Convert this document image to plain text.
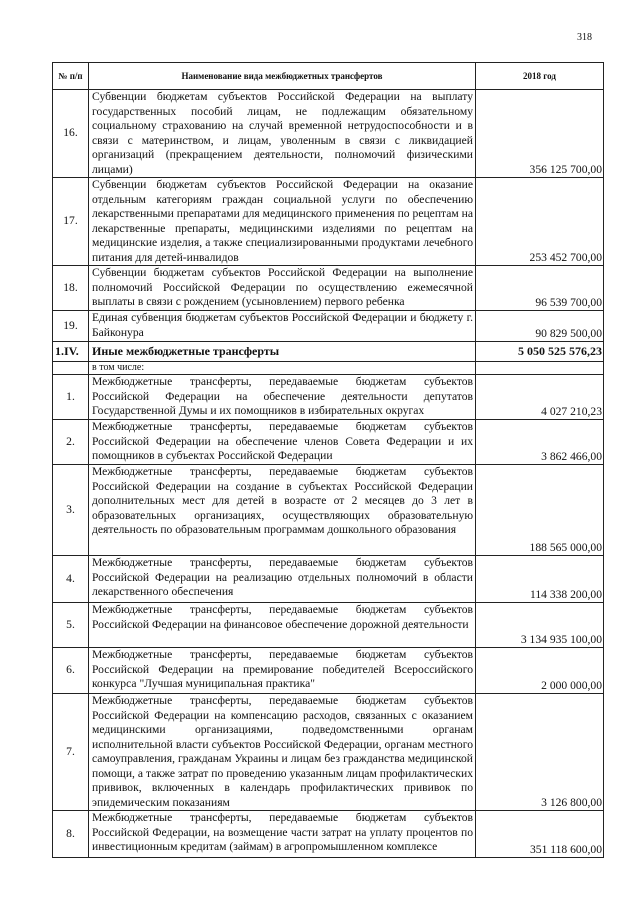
318
№ п/п	Наименование вида межбюджетных трансфертов	2018 год
16.	Субвенции бюджетам субъектов Российской Федерации на выплату государственных пособий лицам, не подлежащим обязательному социальному страхованию на случай временной нетрудоспособности и в связи с материнством, и лицам, уволенным в связи с ликвидацией организаций (прекращением деятельности, полномочий физическими лицами)	356 125 700,00
17.	Субвенции бюджетам субъектов Российской Федерации на оказание отдельным категориям граждан социальной услуги по обеспечению лекарственными препаратами для медицинского применения по рецептам на лекарственные препараты, медицинскими изделиями по рецептам на медицинские изделия, а также специализированными продуктами лечебного питания для детей-инвалидов	253 452 700,00
18.	Субвенции бюджетам субъектов Российской Федерации на выполнение полномочий Российской Федерации по осуществлению ежемесячной выплаты в связи с рождением (усыновлением) первого ребенка	96 539 700,00
19.	Единая субвенция бюджетам субъектов Российской Федерации и бюджету г. Байконура	90 829 500,00
1.IV.	Иные межбюджетные трансферты	5 050 525 576,23
	в том числе:	
1.	Межбюджетные трансферты, передаваемые бюджетам субъектов Российской Федерации на обеспечение деятельности депутатов Государственной Думы и их помощников в избирательных округах	4 027 210,23
2.	Межбюджетные трансферты, передаваемые бюджетам субъектов Российской Федерации на обеспечение членов Совета Федерации и их помощников в субъектах Российской Федерации	3 862 466,00
3.	Межбюджетные трансферты, передаваемые бюджетам субъектов Российской Федерации на создание в субъектах Российской Федерации дополнительных мест для детей в возрасте от 2 месяцев до 3 лет в образовательных организациях, осуществляющих образовательную деятельность по образовательным программам дошкольного образования	188 565 000,00
4.	Межбюджетные трансферты, передаваемые бюджетам субъектов Российской Федерации на реализацию отдельных полномочий в области лекарственного обеспечения	114 338 200,00
5.	Межбюджетные трансферты, передаваемые бюджетам субъектов Российской Федерации на финансовое обеспечение дорожной деятельности	3 134 935 100,00
6.	Межбюджетные трансферты, передаваемые бюджетам субъектов Российской Федерации на премирование победителей Всероссийского конкурса "Лучшая муниципальная практика"	2 000 000,00
7.	Межбюджетные трансферты, передаваемые бюджетам субъектов Российской Федерации на компенсацию расходов, связанных с оказанием медицинскими организациями, подведомственными органам исполнительной власти субъектов Российской Федерации, органам местного самоуправления, гражданам Украины и лицам без гражданства медицинской помощи, а также затрат по проведению указанным лицам профилактических прививок, включенных в календарь профилактических прививок по эпидемическим показаниям	3 126 800,00
8.	Межбюджетные трансферты, передаваемые бюджетам субъектов Российской Федерации, на возмещение части затрат на уплату процентов по инвестиционным кредитам (займам) в агропромышленном комплексе	351 118 600,00
